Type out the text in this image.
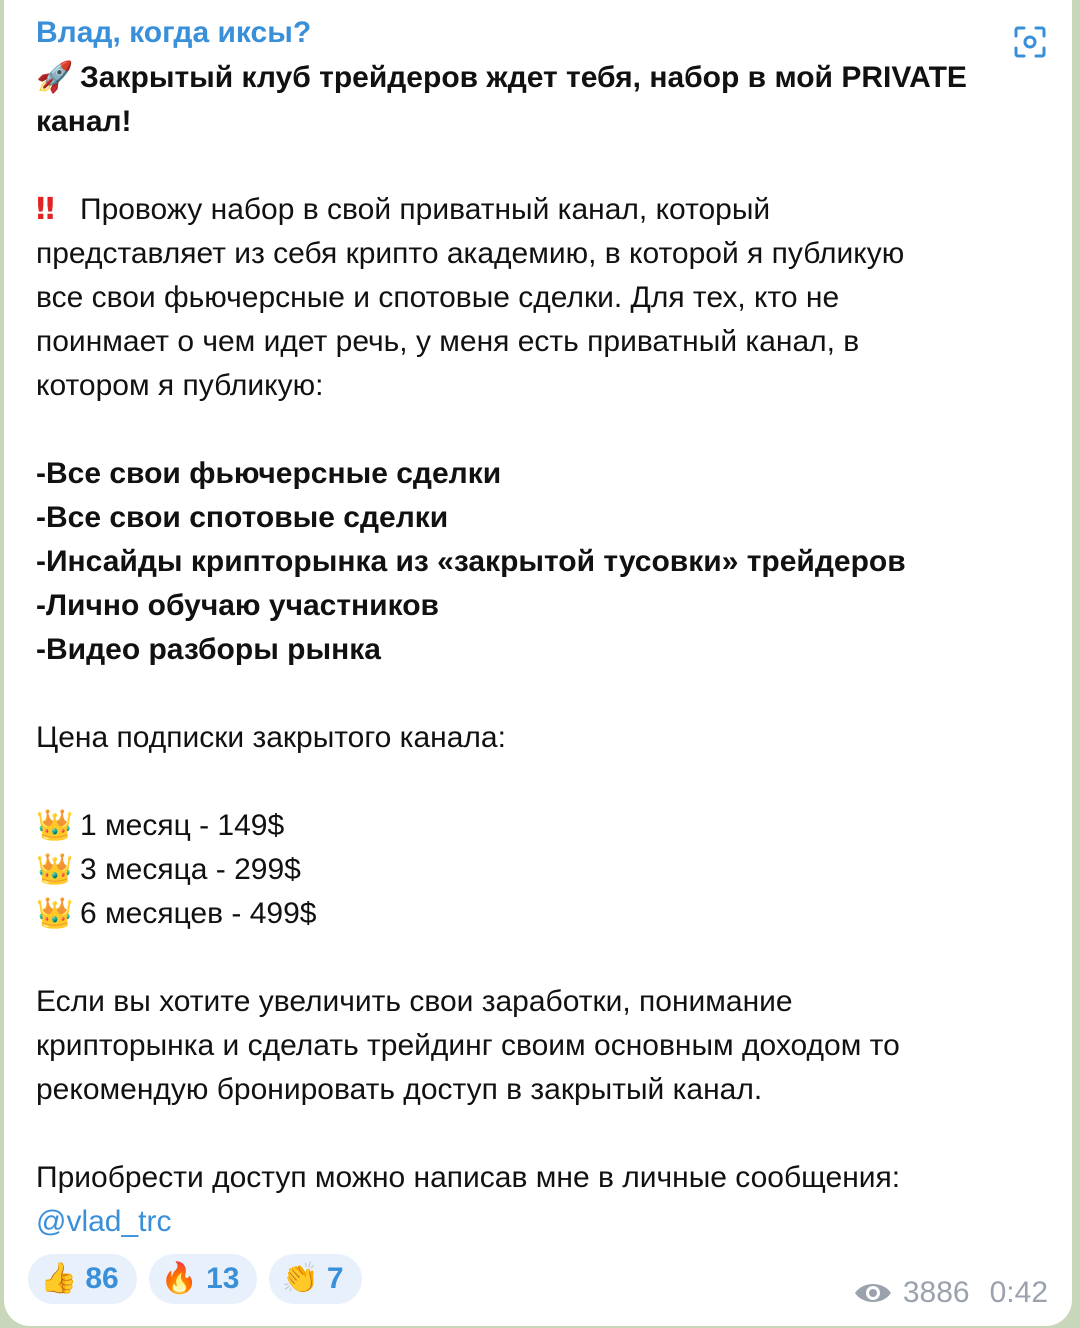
Влад, когда иксы?

🚀 Закрытый клуб трейдеров ждет тебя, набор в мой PRIVATE канал!

‼ Провожу набор в свой приватный канал, который
представляет из себя крипто академию, в которой я публикую
все свои фьючерсные и спотовые сделки. Для тех, кто не
поинмает о чем идет речь, у меня есть приватный канал, в
котором я публикую:

-Все свои фьючерсные сделки
-Все свои спотовые сделки
-Инсайды крипторынка из «закрытой тусовки» трейдеров
-Лично обучаю участников
-Видео разборы рынка

Цена подписки закрытого канала:

👑 1 месяц - 149$
👑 3 месяца - 299$
👑 6 месяцев - 499$

Если вы хотите увеличить свои заработки, понимание
крипторынка и сделать трейдинг своим основным доходом то
рекомендую бронировать доступ в закрытый канал.

Приобрести доступ можно написав мне в личные сообщения:
@vlad_trc

👍 86 🔥 13 👏 7	3886 0:42
